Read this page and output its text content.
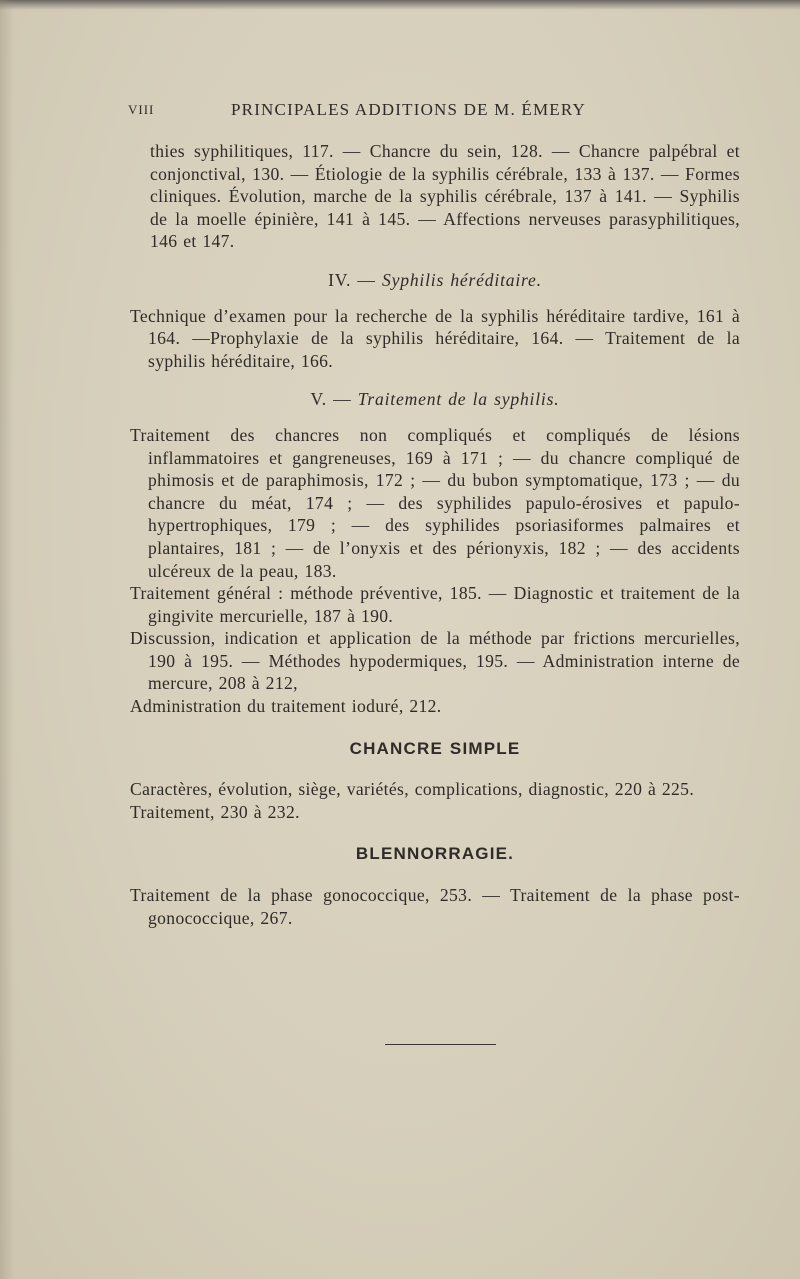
VIII	PRINCIPALES ADDITIONS DE M. ÉMERY

thies syphilitiques, 117. — Chancre du sein, 128. — Chancre palpébral et conjonctival, 130. — Étiologie de la syphilis cérébrale, 133 à 137. — Formes cliniques. Évolution, marche de la syphilis cérébrale, 137 à 141. — Syphilis de la moelle épinière, 141 à 145. — Affections nerveuses parasyphilitiques, 146 et 147.

IV. — Syphilis héréditaire.

Technique d’examen pour la recherche de la syphilis héréditaire tardive, 161 à 164. —Prophylaxie de la syphilis héréditaire, 164. — Traitement de la syphilis héréditaire, 166.

V. — Traitement de la syphilis.

Traitement des chancres non compliqués et compliqués de lésions inflammatoires et gangreneuses, 169 à 171 ; — du chancre compliqué de phimosis et de paraphimosis, 172 ; — du bubon symptomatique, 173 ; — du chancre du méat, 174 ; — des syphilides papulo-érosives et papulo-hypertrophiques, 179 ; — des syphilides psoriasiformes palmaires et plantaires, 181 ; — de l’onyxis et des périonyxis, 182 ; — des accidents ulcéreux de la peau, 183.

Traitement général : méthode préventive, 185. — Diagnostic et traitement de la gingivite mercurielle, 187 à 190.

Discussion, indication et application de la méthode par frictions mercurielles, 190 à 195. — Méthodes hypodermiques, 195. — Administration interne de mercure, 208 à 212,

Administration du traitement ioduré, 212.

CHANCRE SIMPLE

Caractères, évolution, siège, variétés, complications, diagnostic, 220 à 225.

Traitement, 230 à 232.

BLENNORRAGIE.

Traitement de la phase gonococcique, 253. — Traitement de la phase post-gonococcique, 267.
